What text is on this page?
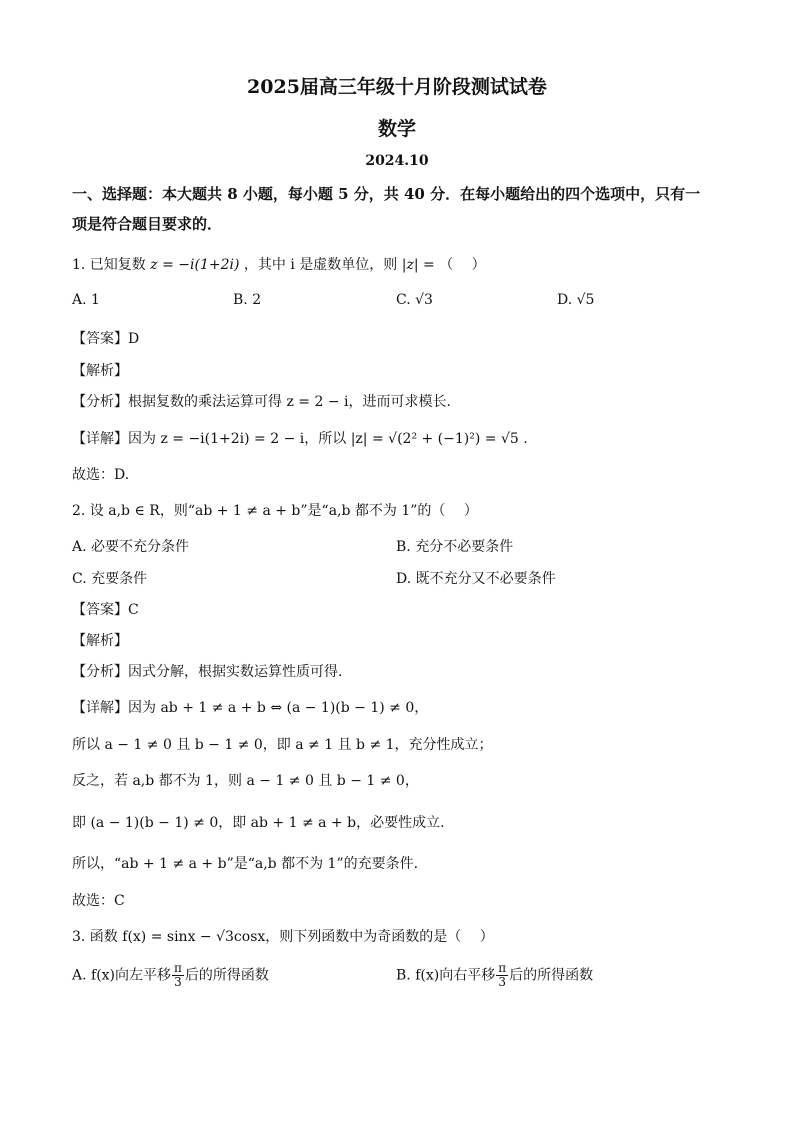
2025届高三年级十月阶段测试试卷
数学
2024.10
一、选择题：本大题共 8 小题，每小题 5 分，共 40 分．在每小题给出的四个选项中，只有一
项是符合题目要求的．
1. 已知复数 z = −i(1+2i) ，其中 i 是虚数单位，则 |z| = （　 ）
A. 1	B. 2	C. √3	D. √5
【答案】D
【解析】
【分析】根据复数的乘法运算可得 z = 2 − i，进而可求模长.
【详解】因为 z = −i(1+2i) = 2 − i，所以 |z| = √(2² + (−1)²) = √5 .
故选：D.
2. 设 a,b ∈ R，则“ab + 1 ≠ a + b”是“a,b 都不为 1”的（　 ）
A. 必要不充分条件	B. 充分不必要条件
C. 充要条件	D. 既不充分又不必要条件
【答案】C
【解析】
【分析】因式分解，根据实数运算性质可得.
【详解】因为 ab + 1 ≠ a + b ⇔ (a − 1)(b − 1) ≠ 0，
所以 a − 1 ≠ 0 且 b − 1 ≠ 0，即 a ≠ 1 且 b ≠ 1，充分性成立；
反之，若 a,b 都不为 1，则 a − 1 ≠ 0 且 b − 1 ≠ 0，
即 (a − 1)(b − 1) ≠ 0，即 ab + 1 ≠ a + b，必要性成立.
所以，“ab + 1 ≠ a + b”是“a,b 都不为 1”的充要条件.
故选：C
3. 函数 f(x) = sinx − √3cosx，则下列函数中为奇函数的是（　 ）
A. f(x)向左平移 $\frac{\pi}{3}$ 后的所得函数	B. f(x)向右平移 $\frac{\pi}{3}$ 后的所得函数
